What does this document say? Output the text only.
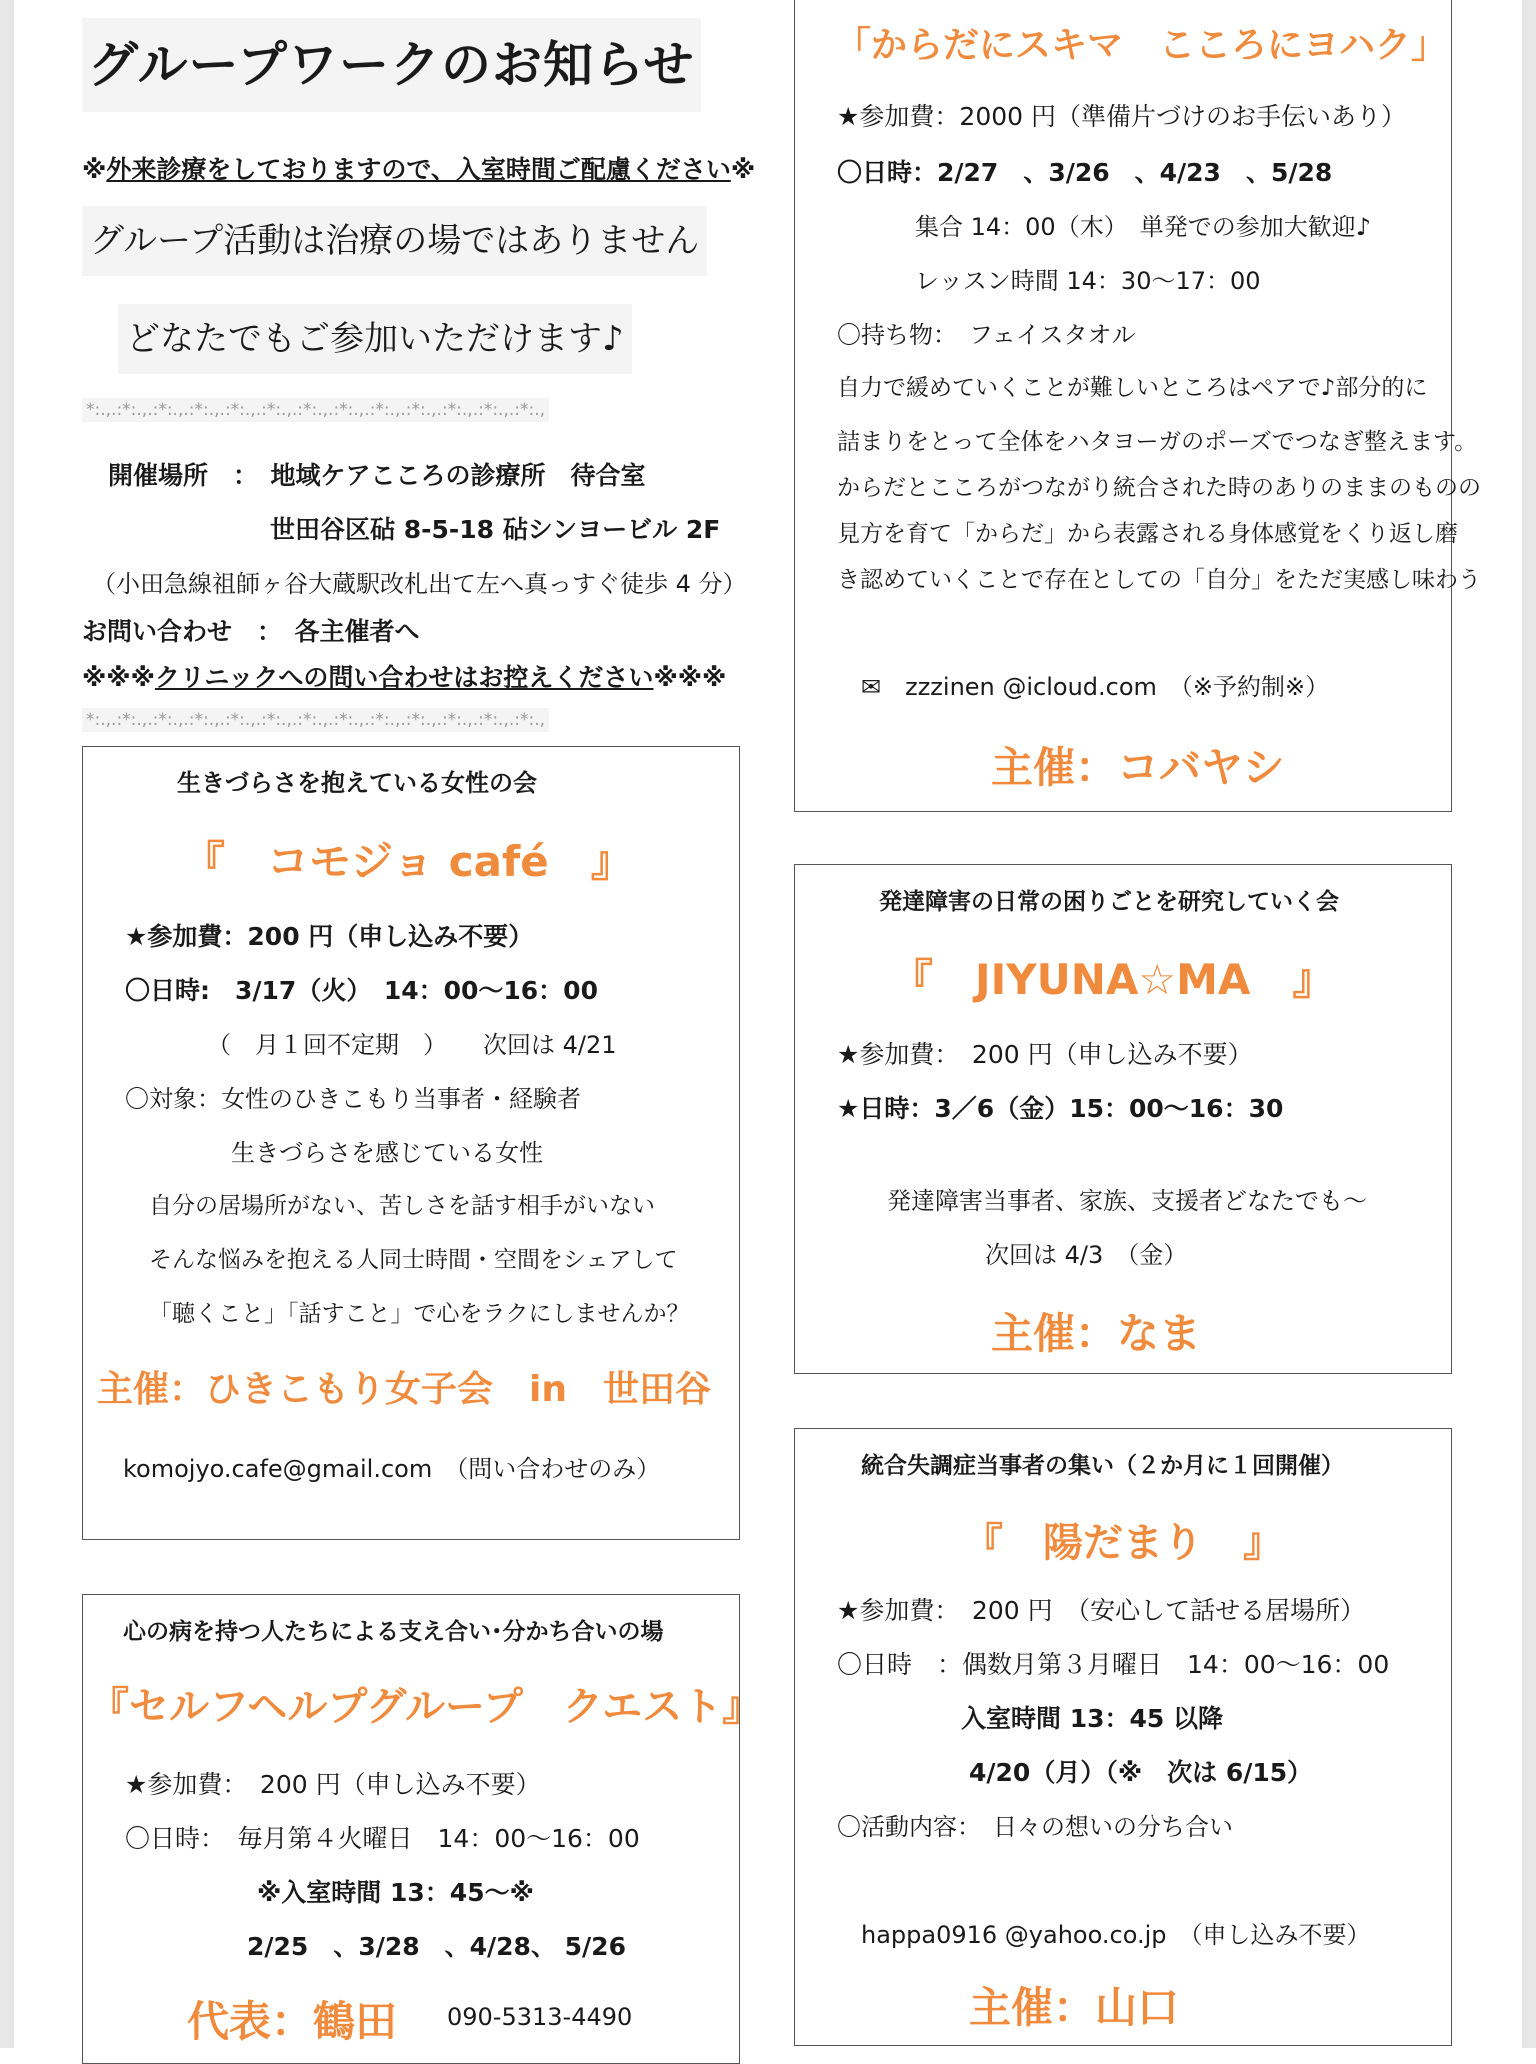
グループワークのお知らせ
※外来診療をしておりますので、入室時間ご配慮ください※
グループ活動は治療の場ではありません
どなたでもご参加いただけます♪
*:.,.:*:.,.:*:.,.:*:.,.:*:.,.:*:.,.:*:.,.:*:.,.:*:.,.:*:.,.:*:.,.:*:.,.:*:.,
開催場所　：　地域ケアこころの診療所　待合室
世田谷区砧 8-5-18 砧シンヨービル 2F
（小田急線祖師ヶ谷大蔵駅改札出て左へ真っすぐ徒歩 4 分）
お問い合わせ　：　各主催者へ
※※※クリニックへの問い合わせはお控えください※※※
*:.,.:*:.,.:*:.,.:*:.,.:*:.,.:*:.,.:*:.,.:*:.,.:*:.,.:*:.,.:*:.,.:*:.,.:*:.,
生きづらさを抱えている女性の会
『　コモジョ café　』
★参加費：200 円（申し込み不要）
〇日時:　3/17（火）　14：00～16：00
（　月１回不定期　）　　次回は 4/21
〇対象：女性のひきこもり当事者・経験者
生きづらさを感じている女性
自分の居場所がない、苦しさを話す相手がいない
そんな悩みを抱える人同士時間・空間をシェアして
「聴くこと」「話すこと」で心をラクにしませんか？
主催：ひきこもり女子会　in　世田谷
komojyo.cafe@gmail.com　（問い合わせのみ）
心の病を持つ人たちによる支え合い･分かち合いの場
『セルフヘルプグループ　クエスト』
★参加費：　200 円（申し込み不要）
〇日時：　毎月第４火曜日　14：00～16：00
※入室時間 13：45～※
2/25　、3/28　、4/28、 5/26
代表：鶴田 090-5313-4490
「からだにスキマ　こころにヨハク」
★参加費：2000 円（準備片づけのお手伝いあり）
〇日時：2/27　、3/26　、4/23　、5/28
集合 14：00（木）　単発での参加大歓迎♪
レッスン時間 14：30～17：00
〇持ち物：　フェイスタオル
自力で緩めていくことが難しいところはペアで♪部分的に
詰まりをとって全体をハタヨーガのポーズでつなぎ整えます。
からだとこころがつながり統合された時のありのままのものの
見方を育て「からだ」から表露される身体感覚をくり返し磨
き認めていくことで存在としての「自分」をただ実感し味わう
✉　zzzinen @icloud.com　（※予約制※）
主催：コバヤシ
発達障害の日常の困りごとを研究していく会
『　JIYUNA☆MA　』
★参加費：　200 円（申し込み不要）
★日時：3／6（金）15：00～16：30
発達障害当事者、家族、支援者どなたでも～
次回は 4/3　（金）
主催：なま
統合失調症当事者の集い（２か月に１回開催）
『　陽だまり　』
★参加費：　200 円　（安心して話せる居場所）
〇日時　：偶数月第３月曜日　14：00～16：00
入室時間 13：45 以降
4/20（月）（※　次は 6/15）
〇活動内容：　日々の想いの分ち合い
happa0916 @yahoo.co.jp　（申し込み不要）
主催：山口
